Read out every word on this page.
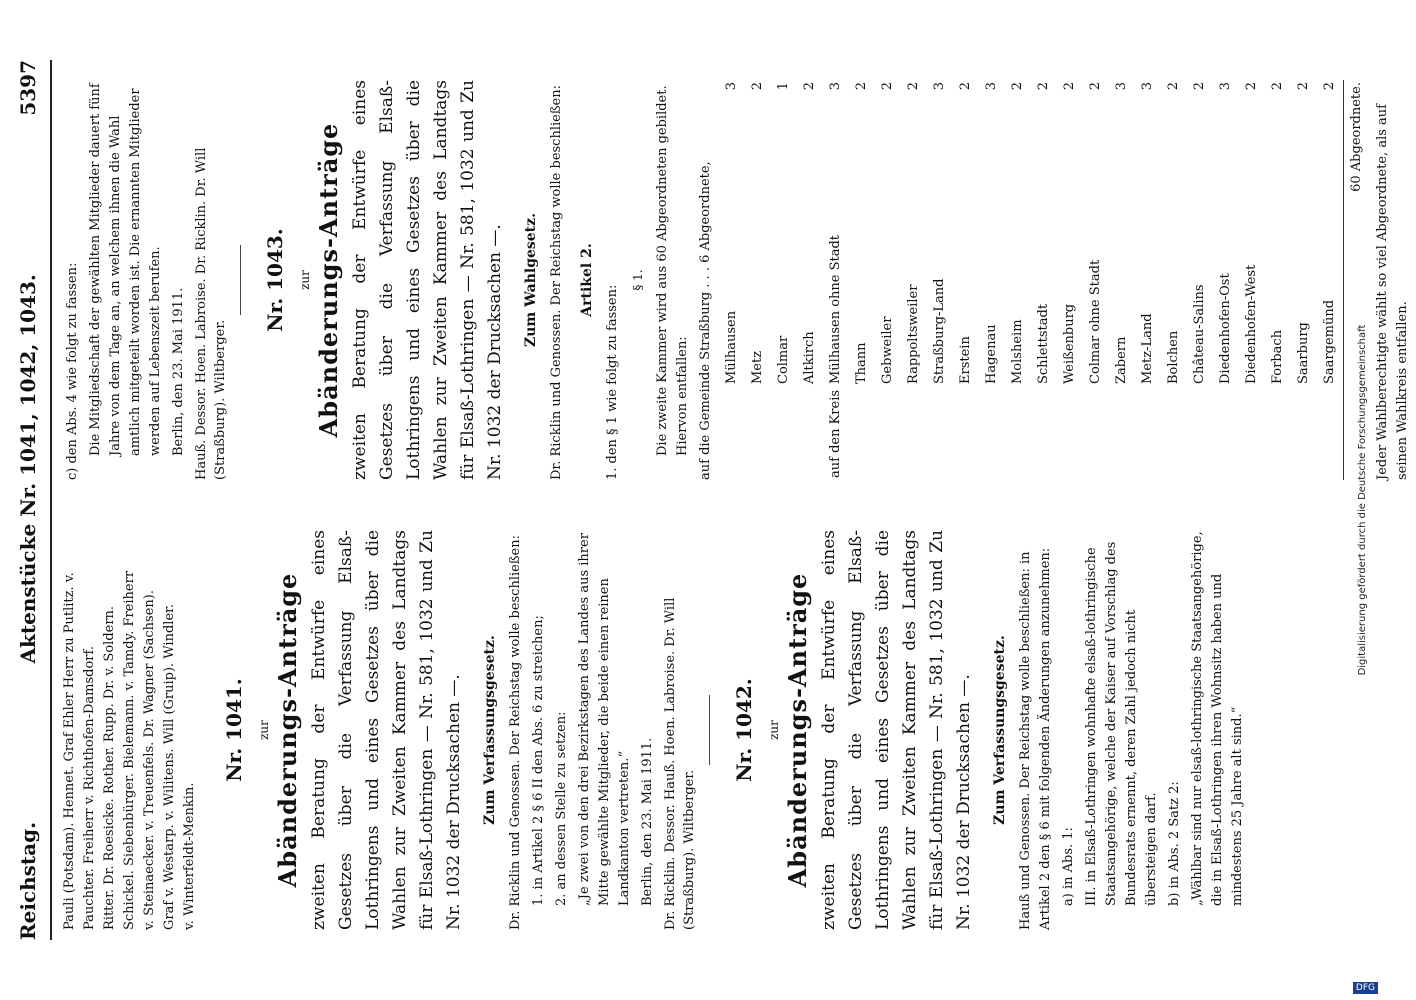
Reichstag.
Aktenstücke Nr. 1041, 1042, 1043.
5397
Pauli (Potsdam). Hennet. Graf Ehler Herr zu Putlitz. v. Pauchter. Freiherr v. Richthofen-Damsdorf.
Ritter. Dr. Roesicke. Rother. Rupp. Dr. v. Soldern.
Schickel. Siebenbürger. Bielemann. v. Tamdy. Freiherr
v. Steinaecker. v. Treuenfels. Dr. Wagner (Sachsen).
Graf v. Westarp. v. Wilitens. Will (Gruip). Windler.
v. Winterfeldt-Menkin.
Nr. 1041. zur Abänderungs-Anträge zweiten Beratung der Entwürfe eines Gesetzes über die Verfassung Elsaß-Lothringens und eines Gesetzes über die Wahlen zur Zweiten Kammer des Landtags für Elsaß-Lothringen — Nr. 581, 1032 und Zu Nr. 1032 der Drucksachen —. Zum Verfassungsgesetz. Dr. Ricklin und Genossen. Der Reichstag wolle beschließen: 1. in Artikel 2 § 6 II den Abs. 6 zu streichen; 2. an dessen Stelle zu setzen: „Je zwei von den drei Bezirkstagen des Landes aus ihrer Mitte gewählte Mitglieder, die beide einen reinen Landkanton vertreten.“ Berlin, den 23. Mai 1911. Dr. Ricklin. Dessor. Hauß. Hoen. Labroise. Dr. Will (Straßburg). Wiltberger.

Nr. 1042. zur Abänderungs-Anträge zweiten Beratung der Entwürfe eines Gesetzes über die Verfassung Elsaß-Lothringens und eines Gesetzes über die Wahlen zur Zweiten Kammer des Landtags für Elsaß-Lothringen — Nr. 581, 1032 und Zu Nr. 1032 der Drucksachen —. Zum Verfassungsgesetz. Hauß und Genossen. Der Reichstag wolle beschließen: in Artikel 2 den § 6 mit folgenden Änderungen anzunehmen: a) in Abs. 1: III. in Elsaß-Lothringen wohnhafte elsaß-lothringische Staatsangehörige, welche der Kaiser auf Vorschlag des Bundesrats ernennt, deren Zahl jedoch nicht übersteigen darf. b) in Abs. 2 Satz 2: „Wählbar sind nur elsaß-lothringische Staatsangehörige, die in Elsaß-Lothringen ihren Wohnsitz haben und mindestens 25 Jahre alt sind.“

c) den Abs. 4 wie folgt zu fassen: Die Mitgliedschaft der gewählten Mitglieder dauert fünf Jahre von dem Tage an, an welchem ihnen die Wahl amtlich mitgeteilt worden ist. Die ernannten Mitglieder werden auf Lebenszeit berufen. Berlin, den 23. Mai 1911. Hauß. Dessor. Hoen. Labroise. Dr. Ricklin. Dr. Will (Straßburg). Wiltberger.

Nr. 1043. zur Abänderungs-Anträge zweiten Beratung der Entwürfe eines Gesetzes über die Verfassung Elsaß-Lothringens und eines Gesetzes über die Wahlen zur Zweiten Kammer des Landtags für Elsaß-Lothringen — Nr. 581, 1032 und Zu Nr. 1032 der Drucksachen —. Zum Wahlgesetz. Dr. Ricklin und Genossen. Der Reichstag wolle beschließen: Artikel 2.

1. den § 1 wie folgt zu fassen:

§ 1. Die zweite Kammer wird aus 60 Abgeordneten gebildet. Hiervon entfallen: auf die Gemeinde Straßburg . . . 6 Abgeordnete,

	Mülhausen	3
	Metz	2
	Colmar	1
	Altkirch	2
auf den Kreis	Mülhausen ohne Stadt	3
	Thann	2
	Gebweiler	2
	Rappoltsweiler	2
	Straßburg-Land	3
	Erstein	2
	Hagenau	3
	Molsheim	2
	Schlettstadt	2
	Weißenburg	2
	Colmar ohne Stadt	2
	Zabern	3
	Metz-Land	3
	Bolchen	2
	Château-Salins	2
	Diedenhofen-Ost	3
	Diedenhofen-West	2
	Forbach	2
	Saarburg	2
	Saargemünd	2
		60 Abgeordnete. Jeder Wahlberechtigte wählt so viel Abgeordnete, als auf seinen Wahlkreis entfallen.

Digitalisierung gefördert durch die Deutsche Forschungsgemeinschaft
DFG
